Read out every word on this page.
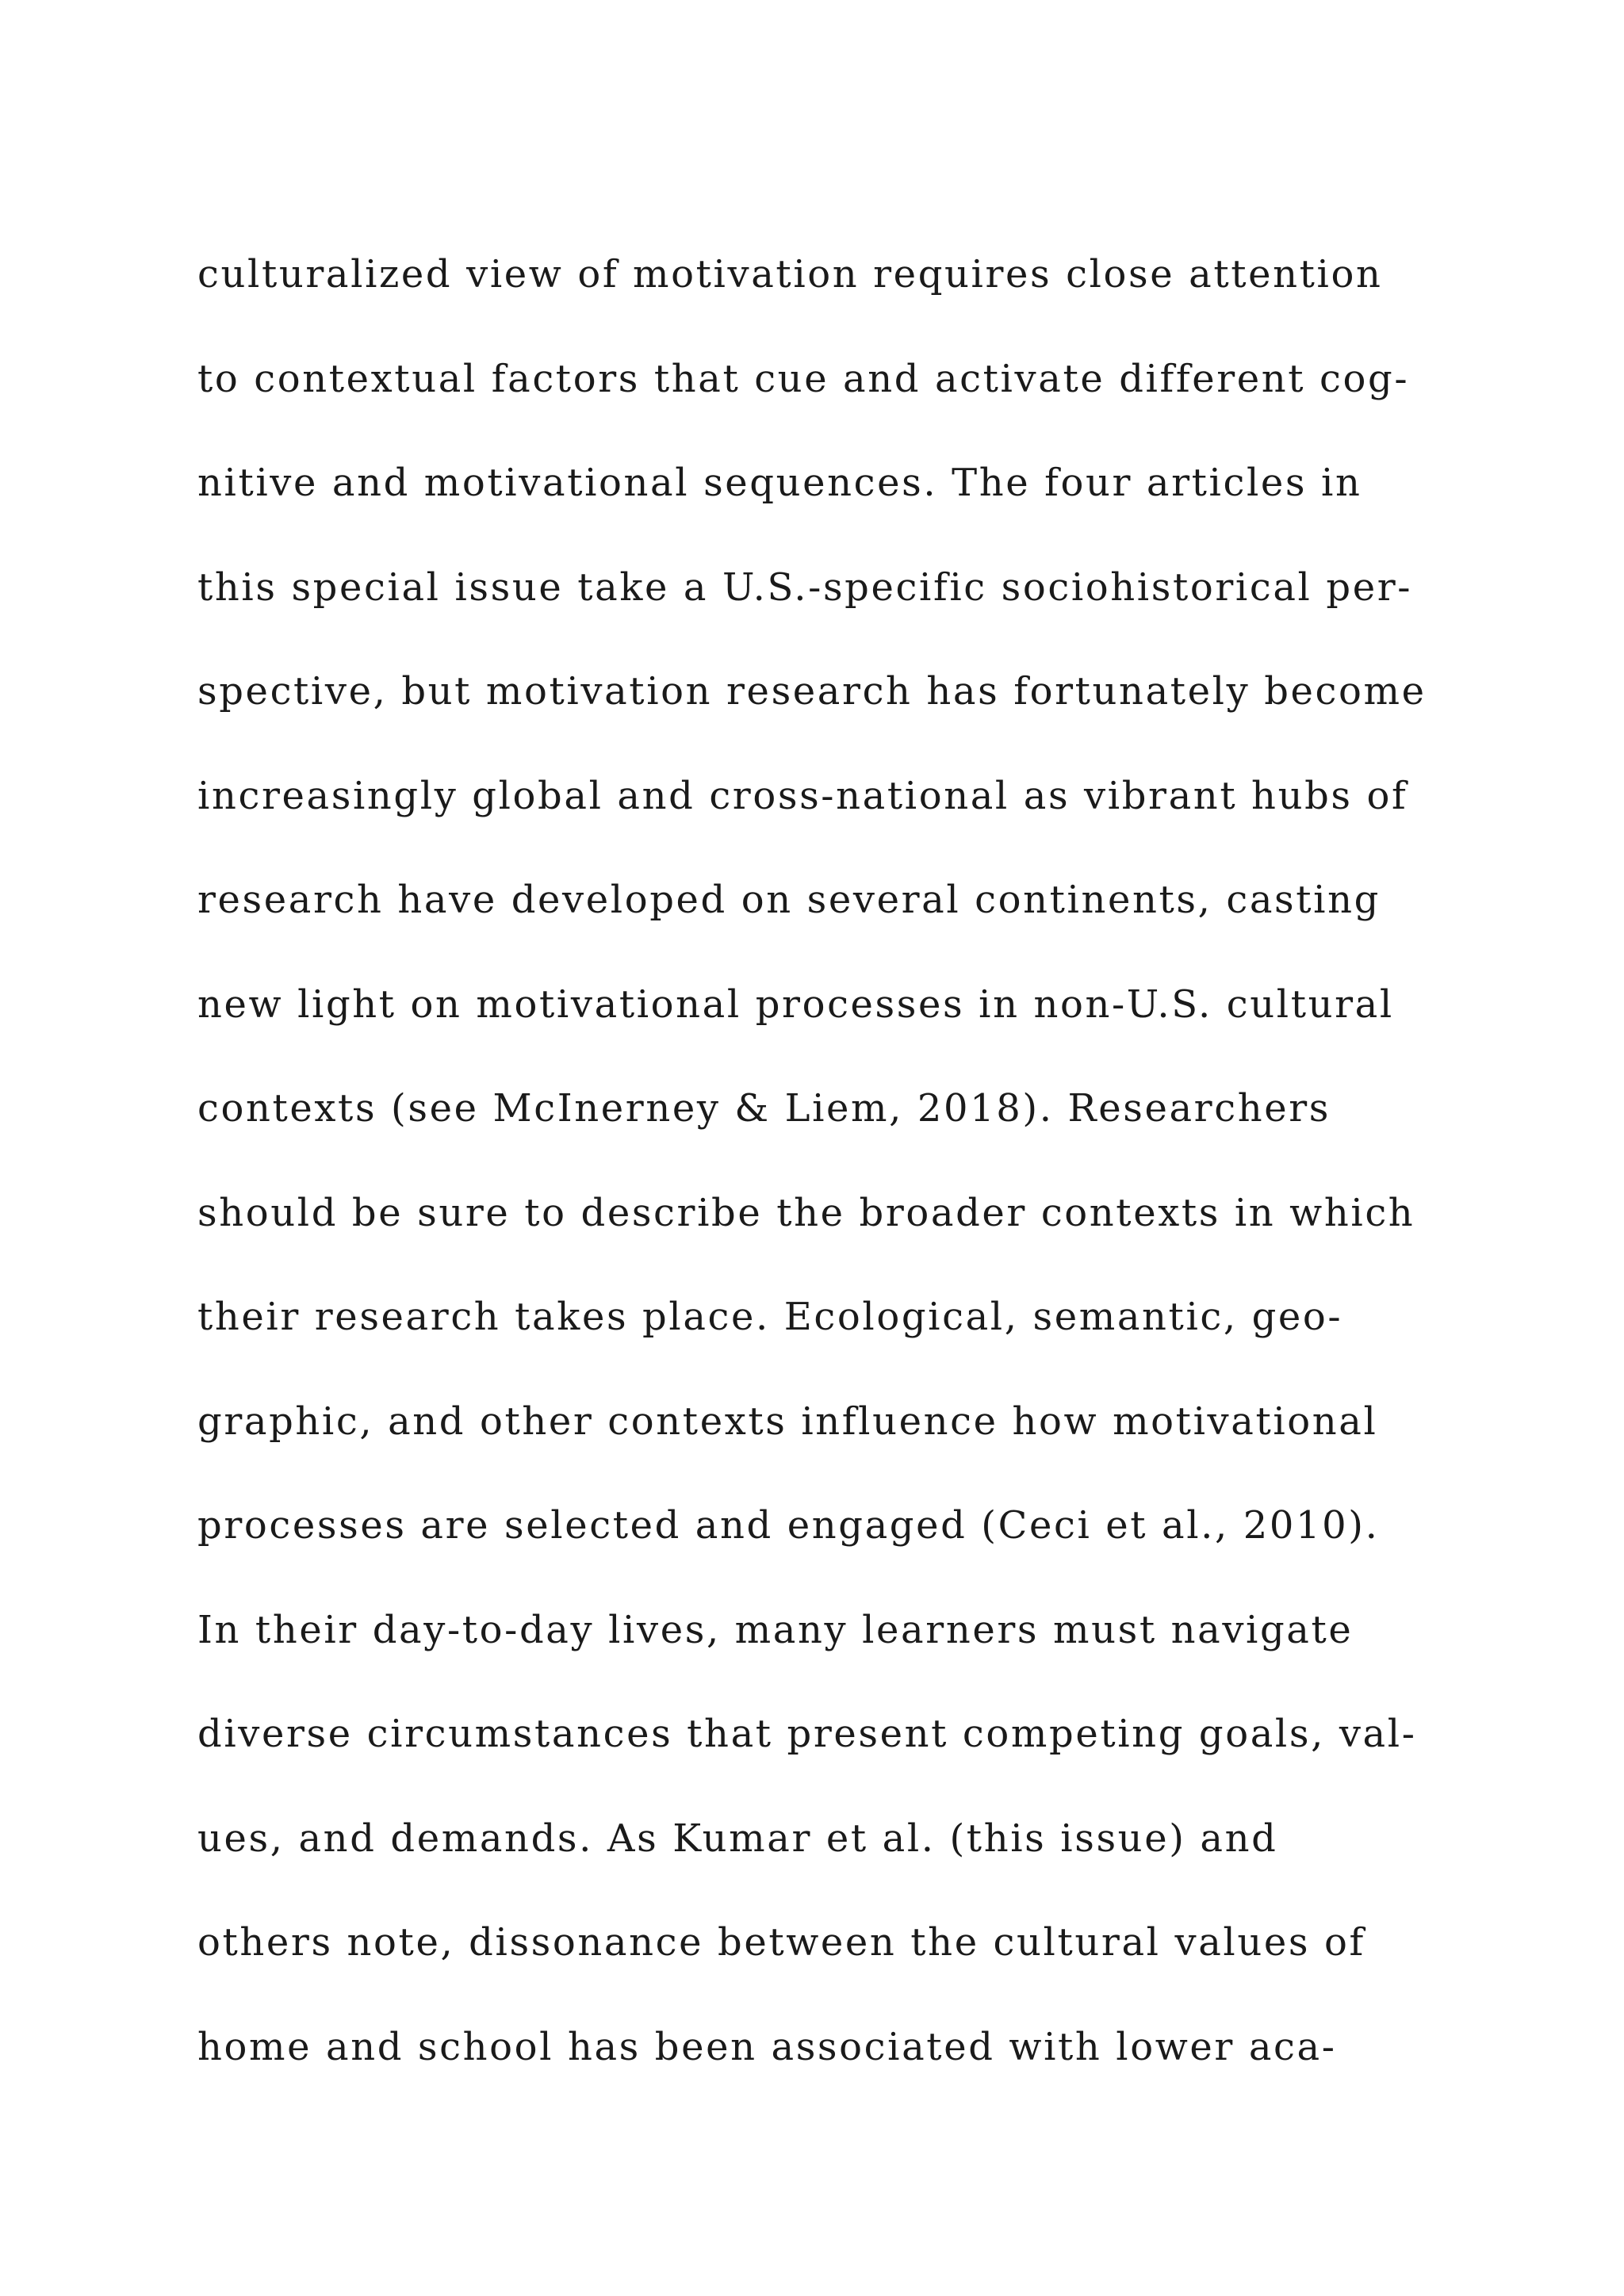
culturalized view of motivation requires close attention
to contextual factors that cue and activate different cog-
nitive and motivational sequences. The four articles in
this special issue take a U.S.-specific sociohistorical per-
spective, but motivation research has fortunately become
increasingly global and cross-national as vibrant hubs of
research have developed on several continents, casting
new light on motivational processes in non-U.S. cultural
contexts (see McInerney & Liem, 2018). Researchers
should be sure to describe the broader contexts in which
their research takes place. Ecological, semantic, geo-
graphic, and other contexts influence how motivational
processes are selected and engaged (Ceci et al., 2010).
In their day-to-day lives, many learners must navigate
diverse circumstances that present competing goals, val-
ues, and demands. As Kumar et al. (this issue) and
others note, dissonance between the cultural values of
home and school has been associated with lower aca-
